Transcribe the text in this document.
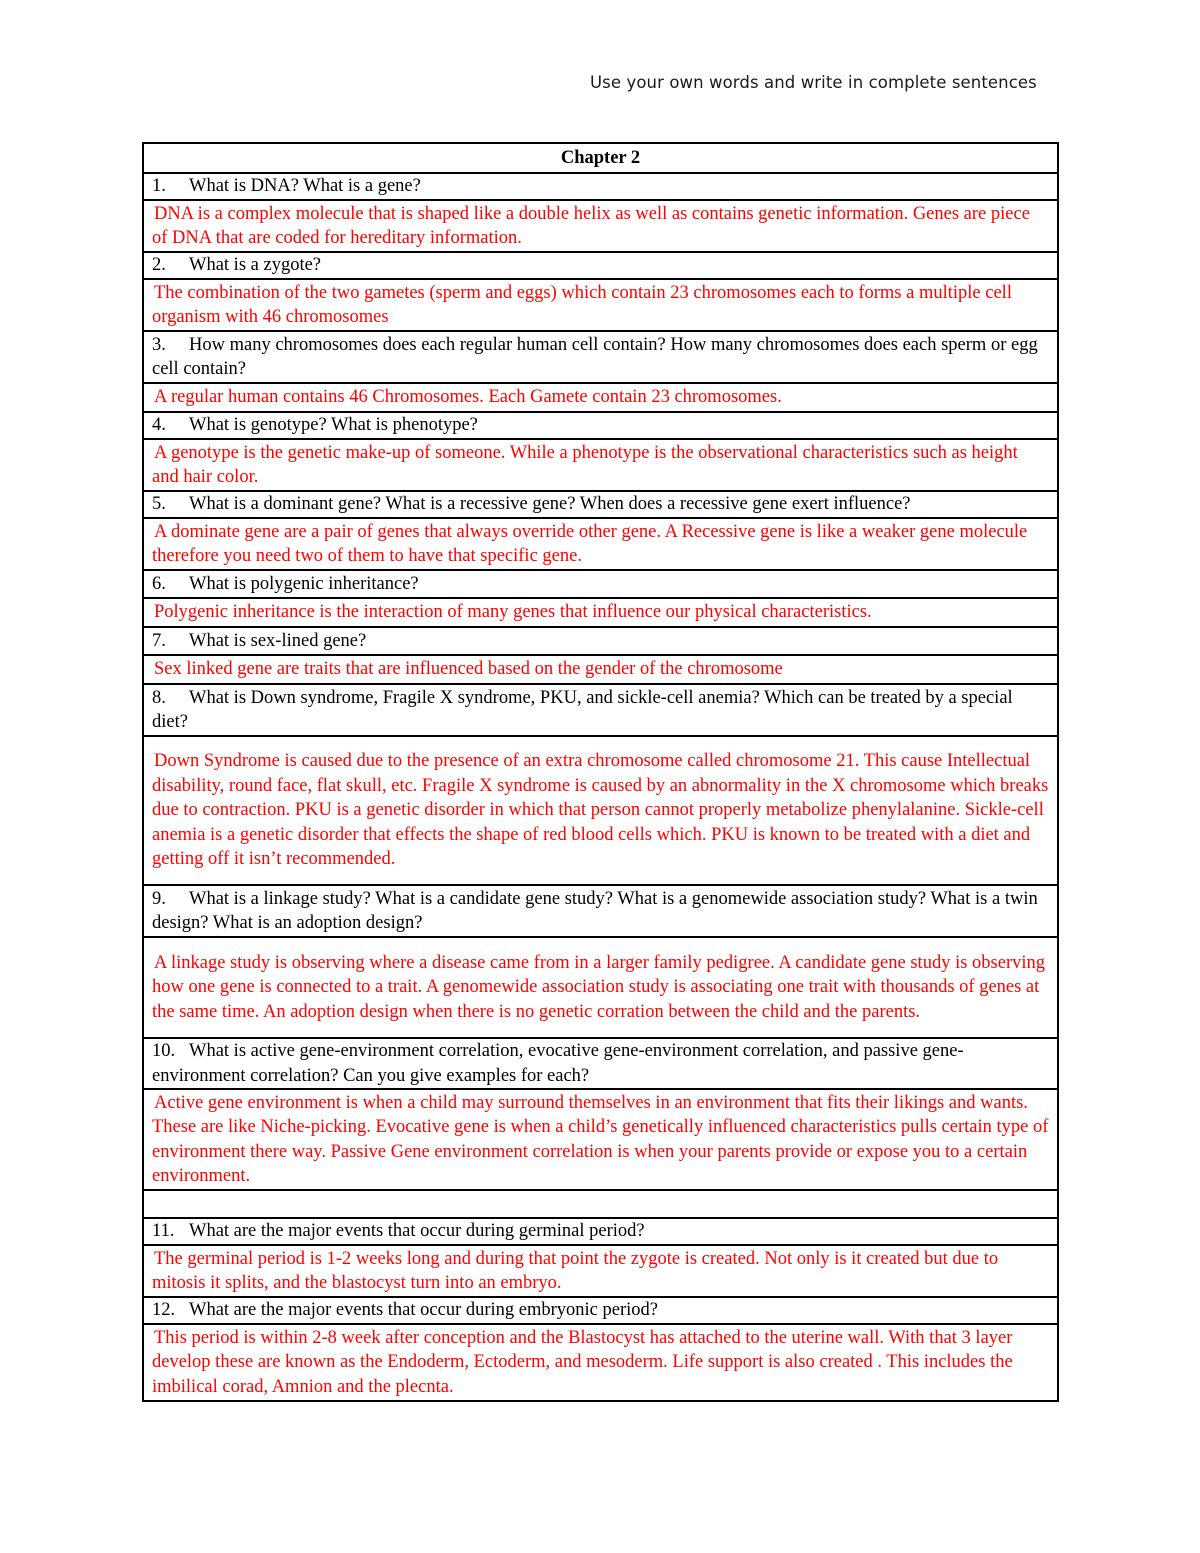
Use your own words and write in complete sentences
Chapter 2
1. What is DNA? What is a gene?
DNA is a complex molecule that is shaped like a double helix as well as contains genetic information. Genes are piece of DNA that are coded for hereditary information.
2. What is a zygote?
The combination of the two gametes (sperm and eggs) which contain 23 chromosomes each to forms a multiple cell organism with 46 chromosomes
3. How many chromosomes does each regular human cell contain? How many chromosomes does each sperm or egg cell contain?
A regular human contains 46 Chromosomes. Each Gamete contain 23 chromosomes.
4. What is genotype? What is phenotype?
A genotype is the genetic make-up of someone. While a phenotype is the observational characteristics such as height and hair color.
5. What is a dominant gene? What is a recessive gene? When does a recessive gene exert influence?
A dominate gene are a pair of genes that always override other gene. A Recessive gene is like a weaker gene molecule therefore you need two of them to have that specific gene.
6. What is polygenic inheritance?
Polygenic inheritance is the interaction of many genes that influence our physical characteristics.
7. What is sex-lined gene?
Sex linked gene are traits that are influenced based on the gender of the chromosome
8. What is Down syndrome, Fragile X syndrome, PKU, and sickle-cell anemia? Which can be treated by a special diet?
Down Syndrome is caused due to the presence of an extra chromosome called chromosome 21. This cause Intellectual disability, round face, flat skull, etc. Fragile X syndrome is caused by an abnormality in the X chromosome which breaks due to contraction. PKU is a genetic disorder in which that person cannot properly metabolize phenylalanine. Sickle-cell anemia is a genetic disorder that effects the shape of red blood cells which. PKU is known to be treated with a diet and getting off it isn’t recommended.
9. What is a linkage study? What is a candidate gene study? What is a genomewide association study? What is a twin design? What is an adoption design?
A linkage study is observing where a disease came from in a larger family pedigree. A candidate gene study is observing how one gene is connected to a trait. A genomewide association study is associating one trait with thousands of genes at the same time. An adoption design when there is no genetic corration between the child and the parents.
10. What is active gene-environment correlation, evocative gene-environment correlation, and passive gene-environment correlation? Can you give examples for each?
Active gene environment is when a child may surround themselves in an environment that fits their likings and wants. These are like Niche-picking. Evocative gene is when a child’s genetically influenced characteristics pulls certain type of environment there way. Passive Gene environment correlation is when your parents provide or expose you to a certain environment.

11. What are the major events that occur during germinal period?
The germinal period is 1-2 weeks long and during that point the zygote is created. Not only is it created but due to mitosis it splits, and the blastocyst turn into an embryo.
12. What are the major events that occur during embryonic period?
This period is within 2-8 week after conception and the Blastocyst has attached to the uterine wall. With that 3 layer develop these are known as the Endoderm, Ectoderm, and mesoderm. Life support is also created . This includes the imbilical corad, Amnion and the plecnta.
